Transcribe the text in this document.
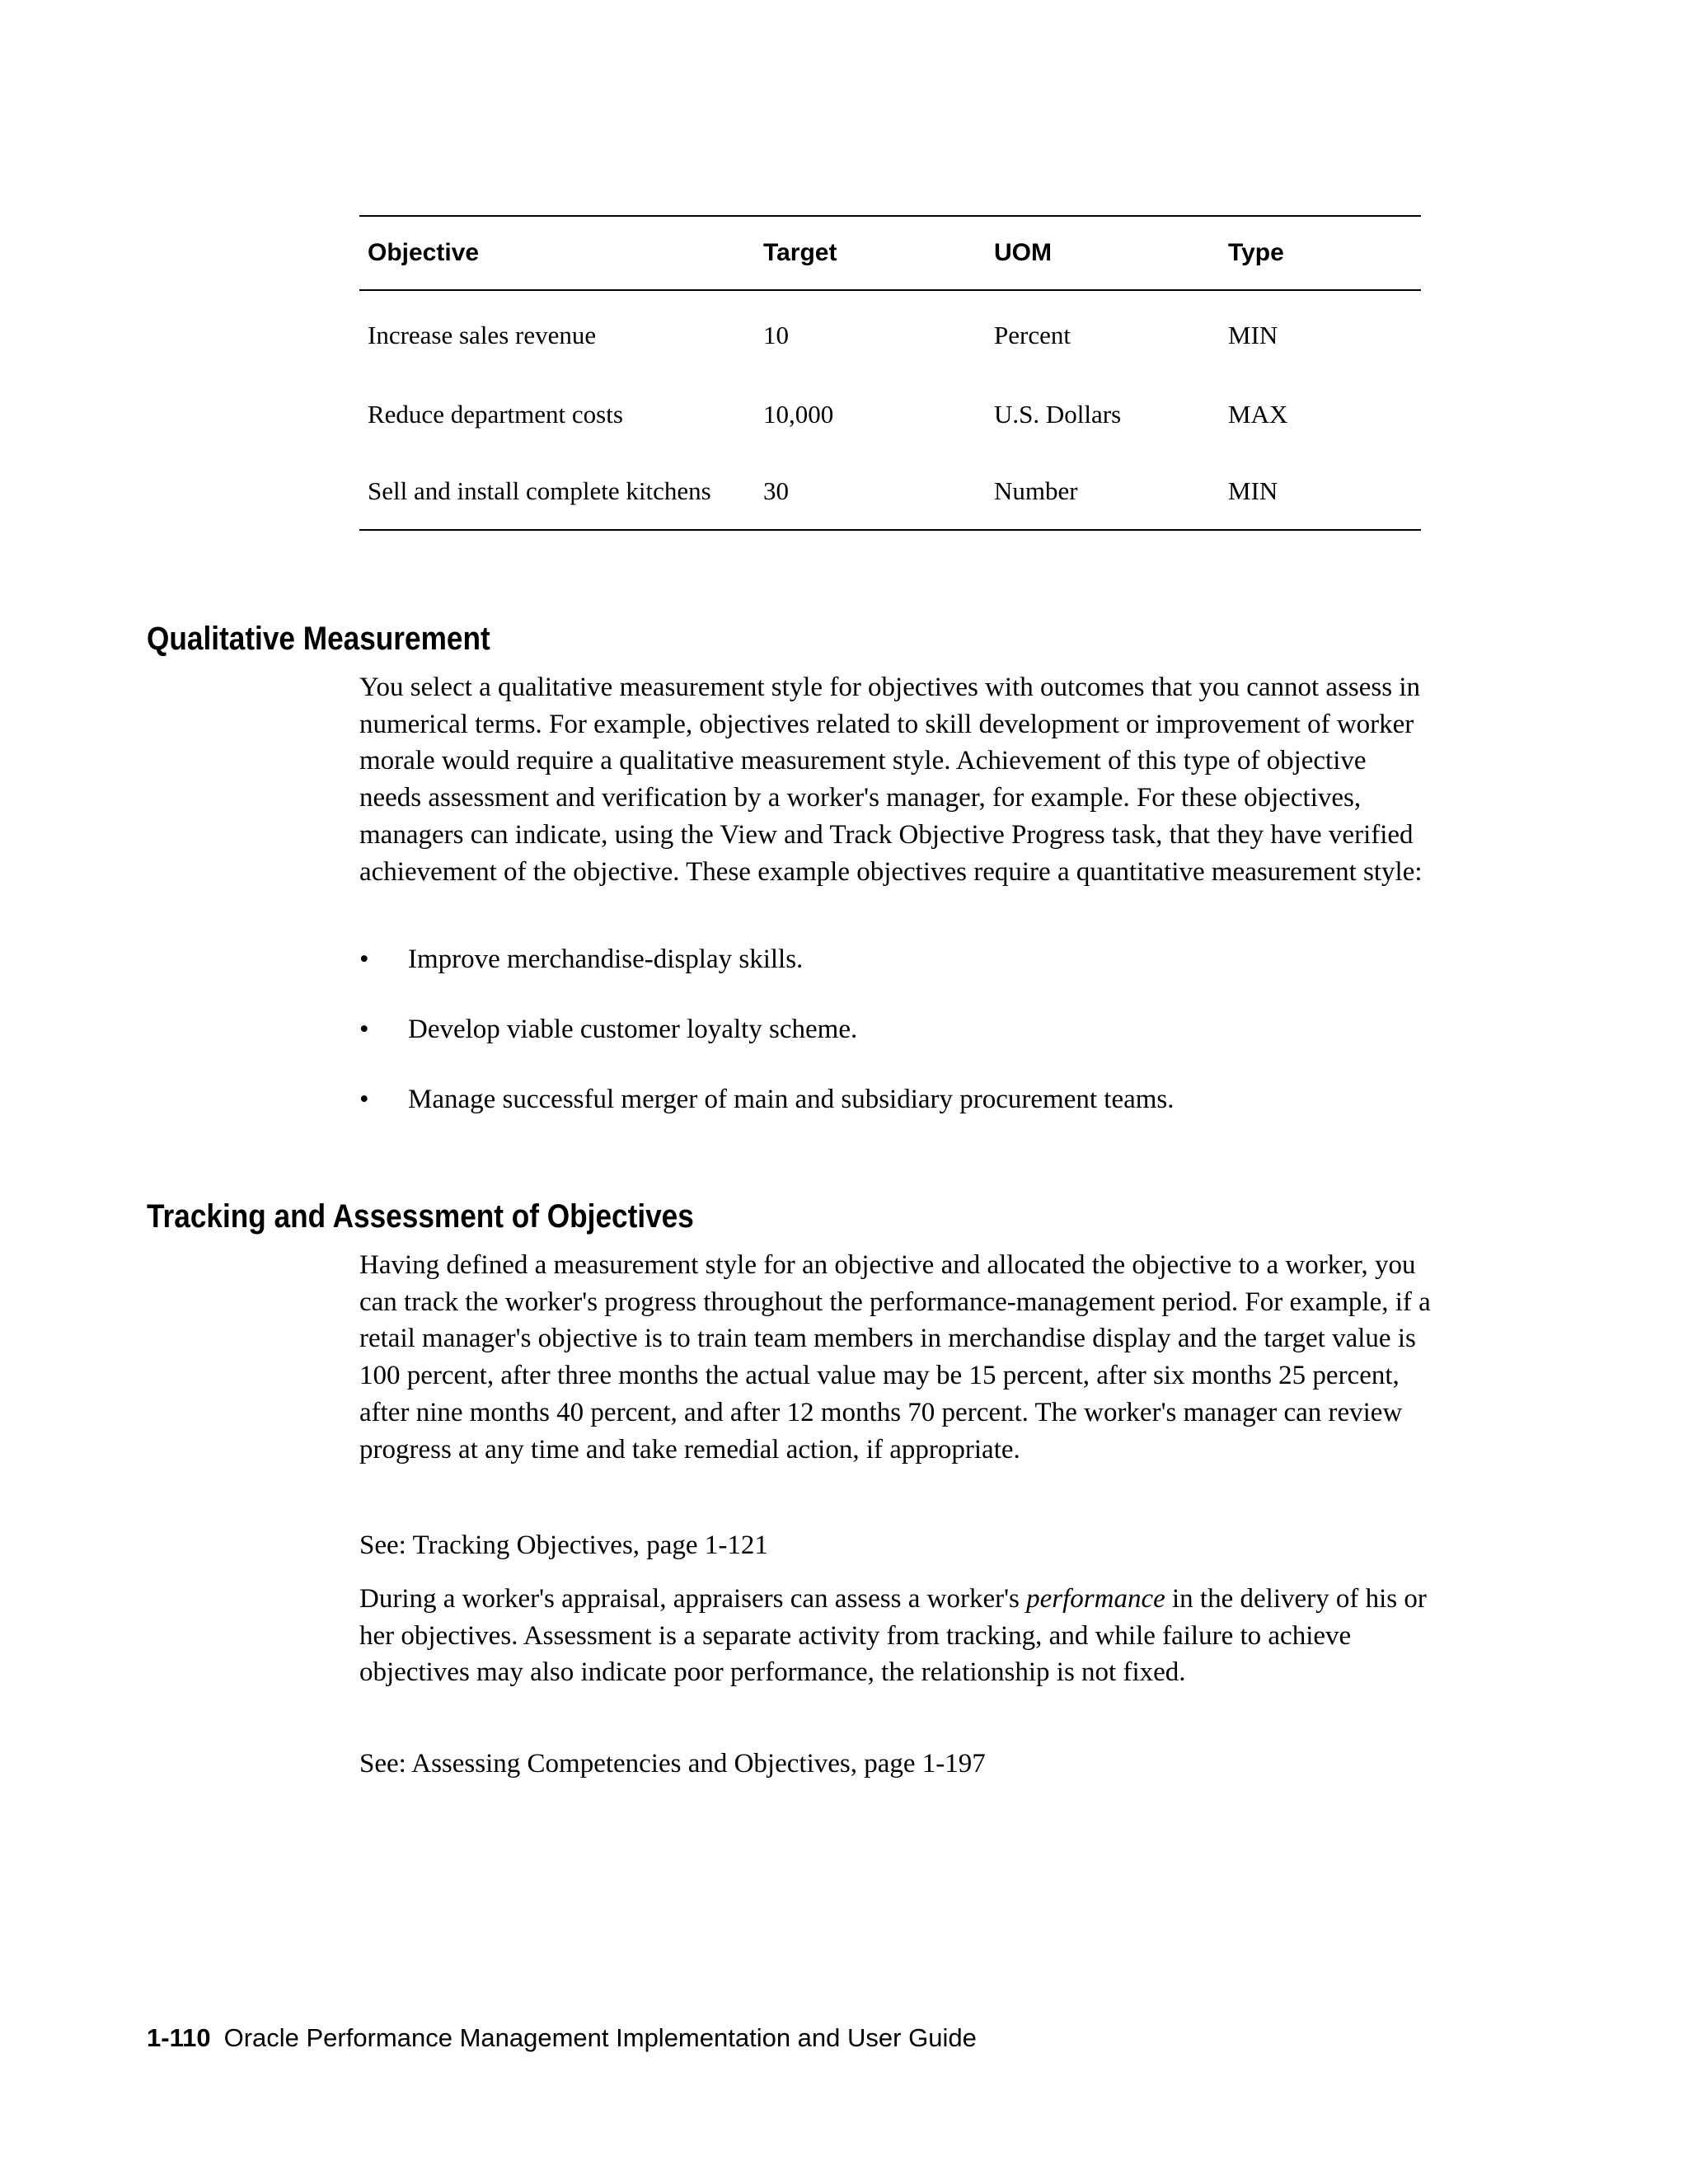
Objective	Target	UOM	Type
Increase sales revenue	10	Percent	MIN
Reduce department costs	10,000	U.S. Dollars	MAX
Sell and install complete kitchens	30	Number	MIN
Qualitative Measurement

You select a qualitative measurement style for objectives with outcomes that you cannot assess in numerical terms. For example, objectives related to skill development or improvement of worker morale would require a qualitative measurement style. Achievement of this type of objective needs assessment and verification by a worker's manager, for example. For these objectives, managers can indicate, using the View and Track Objective Progress task, that they have verified achievement of the objective. These example objectives require a quantitative measurement style:

• Improve merchandise-display skills.
• Develop viable customer loyalty scheme.
• Manage successful merger of main and subsidiary procurement teams.
Tracking and Assessment of Objectives

Having defined a measurement style for an objective and allocated the objective to a worker, you can track the worker's progress throughout the performance-management period. For example, if a retail manager's objective is to train team members in merchandise display and the target value is 100 percent, after three months the actual value may be 15 percent, after six months 25 percent, after nine months 40 percent, and after 12 months 70 percent. The worker's manager can review progress at any time and take remedial action, if appropriate.

See: Tracking Objectives, page 1-121

During a worker's appraisal, appraisers can assess a worker's performance in the delivery of his or her objectives. Assessment is a separate activity from tracking, and while failure to achieve objectives may also indicate poor performance, the relationship is not fixed.

See: Assessing Competencies and Objectives, page 1-197

1-110 Oracle Performance Management Implementation and User Guide
